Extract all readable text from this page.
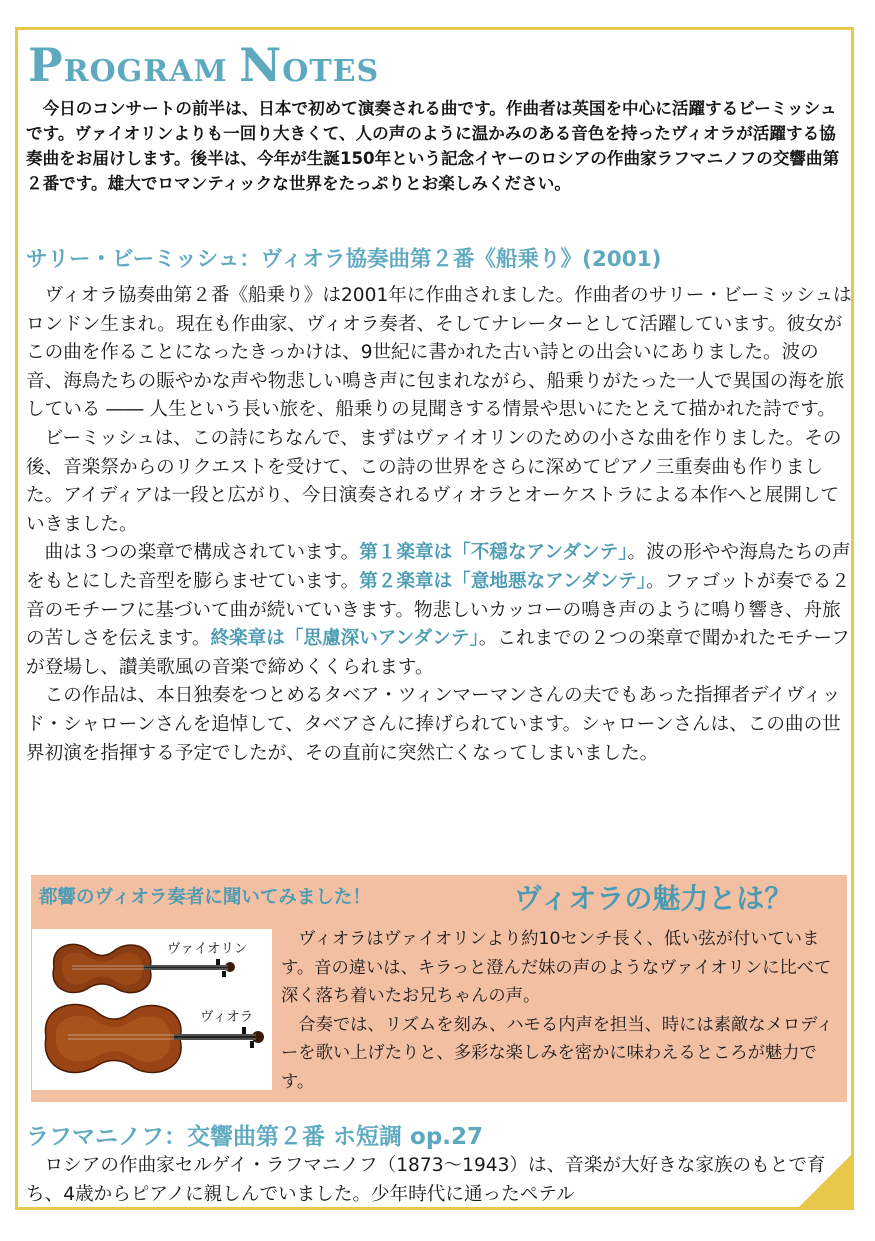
PROGRAM NOTES

今日のコンサートの前半は、日本で初めて演奏される曲です。作曲者は英国を中心に活躍するビーミッシュです。ヴァイオリンよりも一回り大きくて、人の声のように温かみのある音色を持ったヴィオラが活躍する協奏曲をお届けします。後半は、今年が生誕150年という記念イヤーのロシアの作曲家ラフマニノフの交響曲第２番です。雄大でロマンティックな世界をたっぷりとお楽しみください。

サリー・ビーミッシュ：ヴィオラ協奏曲第２番《船乗り》(2001)

ヴィオラ協奏曲第２番《船乗り》は2001年に作曲されました。作曲者のサリー・ビーミッシュはロンドン生まれ。現在も作曲家、ヴィオラ奏者、そしてナレーターとして活躍しています。彼女がこの曲を作ることになったきっかけは、9世紀に書かれた古い詩との出会いにありました。波の音、海鳥たちの賑やかな声や物悲しい鳴き声に包まれながら、船乗りがたった一人で異国の海を旅している ―― 人生という長い旅を、船乗りの見聞きする情景や思いにたとえて描かれた詩です。

ビーミッシュは、この詩にちなんで、まずはヴァイオリンのための小さな曲を作りました。その後、音楽祭からのリクエストを受けて、この詩の世界をさらに深めてピアノ三重奏曲も作りました。アイディアは一段と広がり、今日演奏されるヴィオラとオーケストラによる本作へと展開していきました。

曲は３つの楽章で構成されています。第１楽章は「不穏なアンダンテ」。波の形やや海鳥たちの声をもとにした音型を膨らませています。第２楽章は「意地悪なアンダンテ」。ファゴットが奏でる２音のモチーフに基づいて曲が続いていきます。物悲しいカッコーの鳴き声のように鳴り響き、舟旅の苦しさを伝えます。終楽章は「思慮深いアンダンテ」。これまでの２つの楽章で聞かれたモチーフが登場し、讃美歌風の音楽で締めくくられます。

この作品は、本日独奏をつとめるタベア・ツィンマーマンさんの夫でもあった指揮者デイヴィッド・シャローンさんを追悼して、タベアさんに捧げられています。シャローンさんは、この曲の世界初演を指揮する予定でしたが、その直前に突然亡くなってしまいました。

都響のヴィオラ奏者に聞いてみました！	ヴィオラの魅力とは？
ヴァイオリン
ヴィオラ

ヴィオラはヴァイオリンより約10センチ長く、低い弦が付いています。音の違いは、キラっと澄んだ妹の声のようなヴァイオリンに比べて深く落ち着いたお兄ちゃんの声。

合奏では、リズムを刻み、ハモる内声を担当、時には素敵なメロディーを歌い上げたりと、多彩な楽しみを密かに味わえるところが魅力です。

ラフマニノフ：交響曲第２番 ホ短調 op.27

ロシアの作曲家セルゲイ・ラフマニノフ（1873～1943）は、音楽が大好きな家族のもとで育ち、4歳からピアノに親しんでいました。少年時代に通ったペテル
